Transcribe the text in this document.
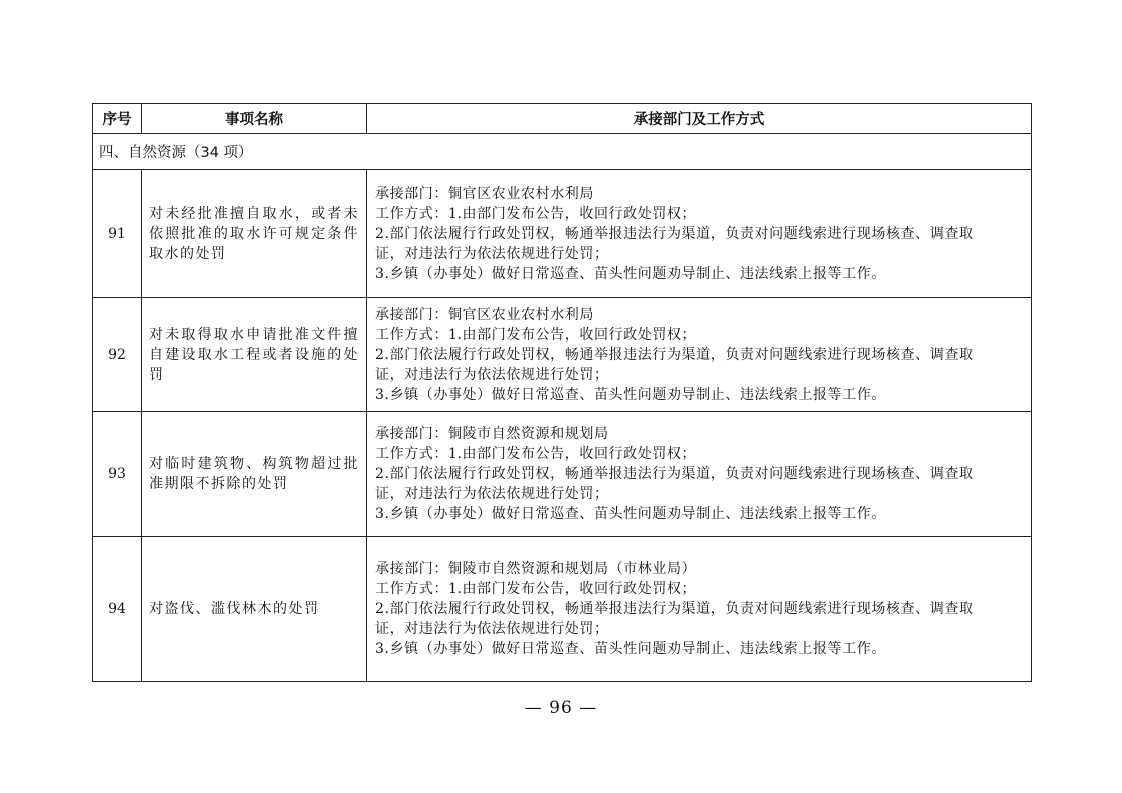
序号	事项名称	承接部门及工作方式
四、自然资源（34 项）		
91	对未经批准擅自取水，或者未依照批准的取水许可规定条件取水的处罚	承接部门：铜官区农业农村水利局
工作方式：1.由部门发布公告，收回行政处罚权；
2.部门依法履行行政处罚权，畅通举报违法行为渠道，负责对问题线索进行现场核查、调查取
证，对违法行为依法依规进行处罚；
3.乡镇（办事处）做好日常巡查、苗头性问题劝导制止、违法线索上报等工作。

92	对未取得取水申请批准文件擅自建设取水工程或者设施的处罚	承接部门：铜官区农业农村水利局
工作方式：1.由部门发布公告，收回行政处罚权；
2.部门依法履行行政处罚权，畅通举报违法行为渠道，负责对问题线索进行现场核查、调查取
证，对违法行为依法依规进行处罚；
3.乡镇（办事处）做好日常巡查、苗头性问题劝导制止、违法线索上报等工作。

93	对临时建筑物、构筑物超过批准期限不拆除的处罚	承接部门：铜陵市自然资源和规划局
工作方式：1.由部门发布公告，收回行政处罚权；
2.部门依法履行行政处罚权，畅通举报违法行为渠道，负责对问题线索进行现场核查、调查取
证，对违法行为依法依规进行处罚；
3.乡镇（办事处）做好日常巡查、苗头性问题劝导制止、违法线索上报等工作。

94	对盗伐、滥伐林木的处罚	承接部门：铜陵市自然资源和规划局（市林业局）
工作方式：1.由部门发布公告，收回行政处罚权；
2.部门依法履行行政处罚权，畅通举报违法行为渠道，负责对问题线索进行现场核查、调查取
证，对违法行为依法依规进行处罚；
3.乡镇（办事处）做好日常巡查、苗头性问题劝导制止、违法线索上报等工作。
— 96 —
